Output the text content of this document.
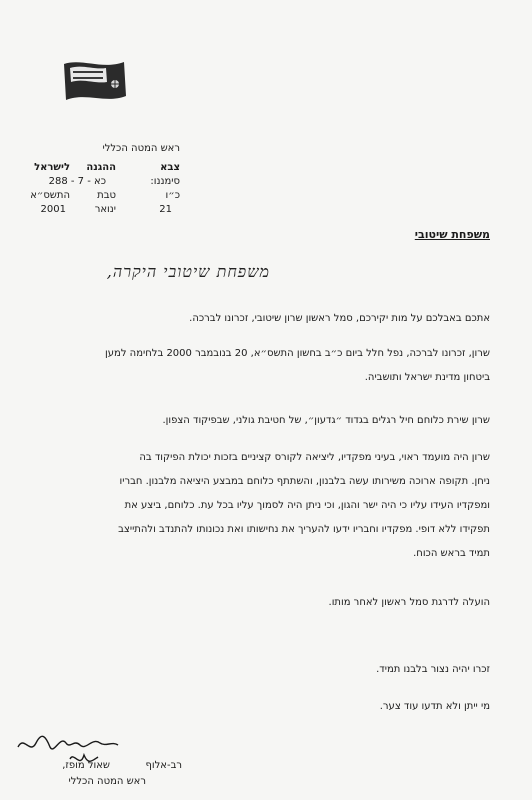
ראש המטה הכללי
צבא
ההגנה
לישראל
סימננו:
כא - 7 - 288
כ״ו
טבת
התשס״א
21
ינואר
2001
משפחת שיטובי
משפחת שיטובי היקרה,
אתכם באבלכם על מות יקירכם, סמל ראשון שרון שיטובי, זכרונו לברכה.
שרון, זכרונו לברכה, נפל חלל ביום כ״ב בחשון התשס״א, 20 בנובמבר 2000 בלחימה למען
ביטחון מדינת ישראל ותושביה.
שרון שירת כלוחם חיל רגלים בגדוד ״גדעון״, של חטיבת גולני, שבפיקוד הצפון.
שרון היה מועמד ראוי, בעיני מפקדיו, ליציאה לקורס קציניים בזכות יכולת הפיקוד בה
ניחן. תקופה ארוכה משירותו עשה בלבנון, והשתתף כלוחם במבצע היציאה מלבנון. חבריו
ומפקדיו העידו עליו כי היה ישר והגון, וכי ניתן היה לסמוך עליו בכל עת. כלוחם, ביצע את
תפקידו ללא דופי. מפקדיו וחבריו ידעו להעריך את נחישותו ואת נכונותו להתנדב ולהתייצב
תמיד בראש הכוח.
הועלה לדרגת סמל ראשון לאחר מותו.
זכרו יהיה נצור בלבנו תמיד.
מי ייתן ולא תדעו עוד צער.
שאול מופז,	רב-אלוף
ראש המטה הכללי
